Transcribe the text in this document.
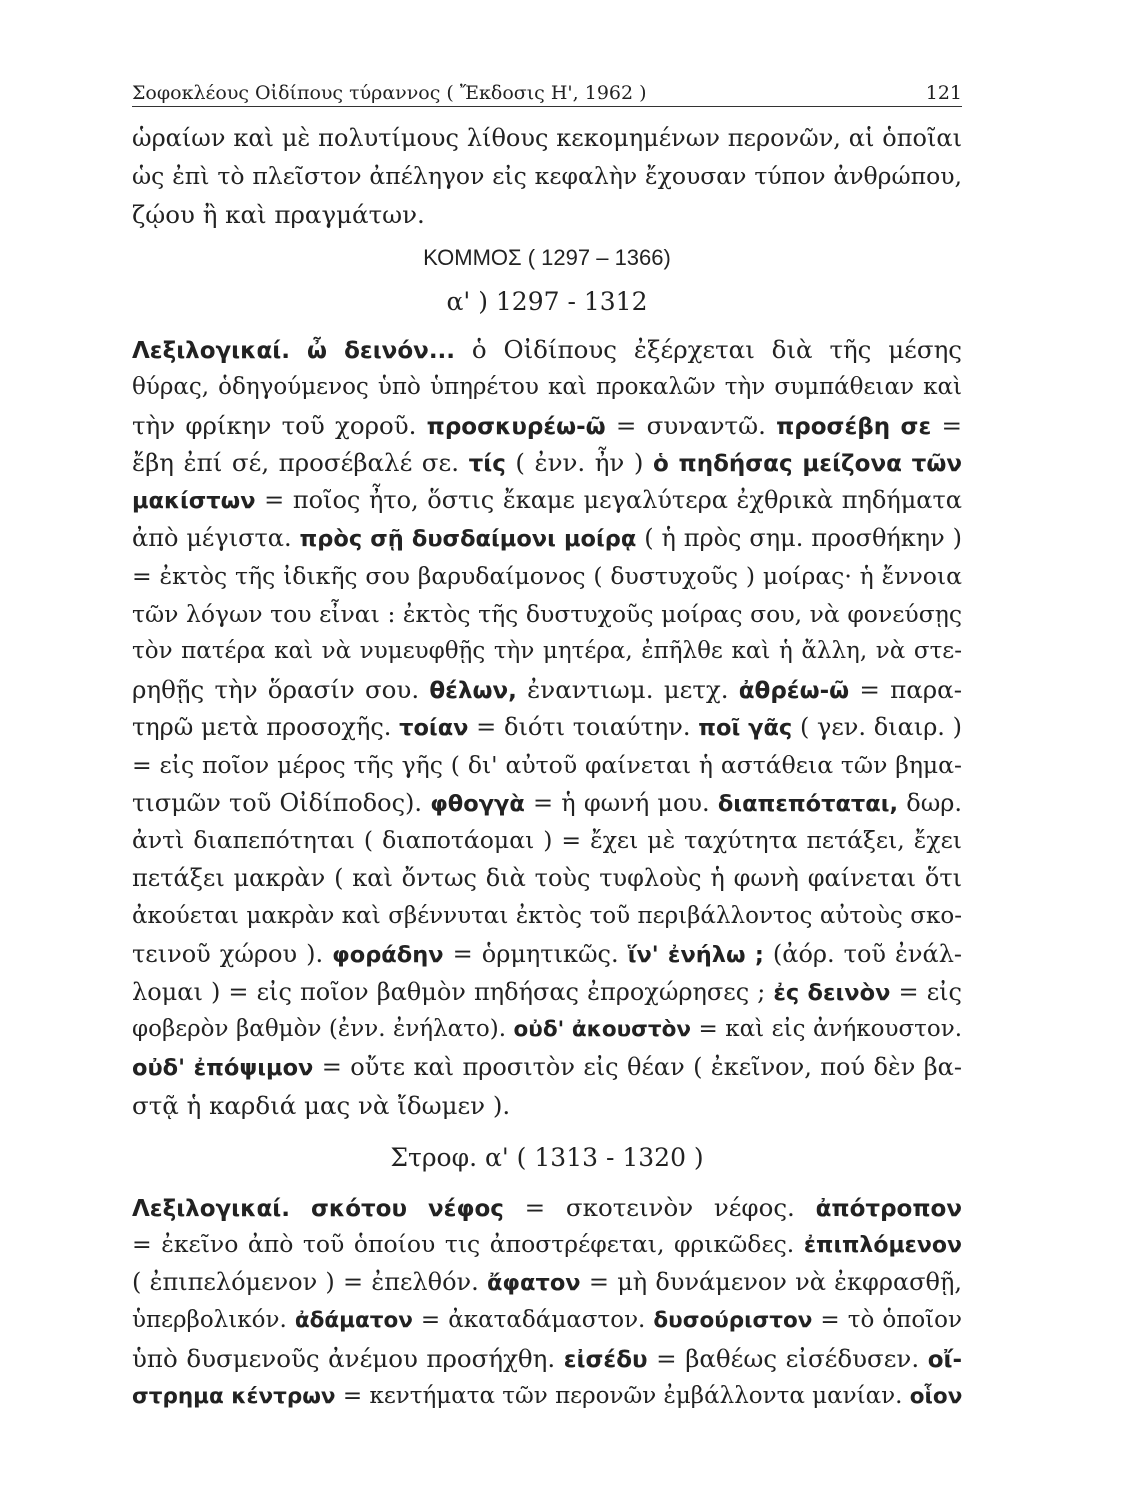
Σοφοκλέους Οἰδίπους τύραννος ( Ἔκδοσις Η', 1962 )	121
ὡραίων καὶ μὲ πολυτίμους λίθους κεκομημένων περονῶν, αἱ ὁποῖαι
ὡς ἐπὶ τὸ πλεῖστον ἀπέληγον εἰς κεφαλὴν ἔχουσαν τύπον ἀνθρώπου,
ζῴου ἢ καὶ πραγμάτων.
ΚΟΜΜΟΣ ( 1297 – 1366)
α' ) 1297 - 1312
Λεξιλογικαί. ὦ δεινόν... ὁ Οἰδίπους ἐξέρχεται διὰ τῆς μέσης
θύρας, ὁδηγούμενος ὑπὸ ὑπηρέτου καὶ προκαλῶν τὴν συμπάθειαν καὶ
τὴν φρίκην τοῦ χοροῦ. προσκυρέω-ῶ = συναντῶ. προσέβη σε =
ἔβη ἐπί σέ, προσέβαλέ σε. τίς ( ἐνν. ἦν ) ὁ πηδήσας μείζονα τῶν
μακίστων = ποῖος ἦτο, ὅστις ἔκαμε μεγαλύτερα ἐχθρικὰ πηδήματα
ἀπὸ μέγιστα. πρὸς σῇ δυσδαίμονι μοίρᾳ ( ἡ πρὸς σημ. προσθήκην )
= ἐκτὸς τῆς ἰδικῆς σου βαρυδαίμονος ( δυστυχοῦς ) μοίρας· ἡ ἔννοια
τῶν λόγων του εἶναι : ἐκτὸς τῆς δυστυχοῦς μοίρας σου, νὰ φονεύσῃς
τὸν πατέρα καὶ νὰ νυμευφθῇς τὴν μητέρα, ἐπῆλθε καὶ ἡ ἄλλη, νὰ στε-
ρηθῇς τὴν ὅρασίν σου. θέλων, ἐναντιωμ. μετχ. ἀθρέω-ῶ = παρα-
τηρῶ μετὰ προσοχῆς. τοίαν = διότι τοιαύτην. ποῖ γᾶς ( γεν. διαιρ. )
= εἰς ποῖον μέρος τῆς γῆς ( δι' αὐτοῦ φαίνεται ἡ αστάθεια τῶν βημα-
τισμῶν τοῦ Οἰδίποδος). φθογγὰ = ἡ φωνή μου. διαπεπόταται, δωρ.
ἀντὶ διαπεπότηται ( διαποτάομαι ) = ἔχει μὲ ταχύτητα πετάξει, ἔχει
πετάξει μακρὰν ( καὶ ὄντως διὰ τοὺς τυφλοὺς ἡ φωνὴ φαίνεται ὅτι
ἀκούεται μακρὰν καὶ σβέννυται ἐκτὸς τοῦ περιβάλλοντος αὐτοὺς σκο-
τεινοῦ χώρου ). φοράδην = ὁρμητικῶς. ἵν' ἐνήλω ; (ἀόρ. τοῦ ἐνάλ-
λομαι ) = εἰς ποῖον βαθμὸν πηδήσας ἐπροχώρησες ; ἐς δεινὸν = εἰς
φοβερὸν βαθμὸν (ἐνν. ἐνήλατο). οὐδ' ἀκουστὸν = καὶ εἰς ἀνήκουστον.
οὐδ' ἐπόψιμον = οὔτε καὶ προσιτὸν εἰς θέαν ( ἐκεῖνον, πού δὲν βα-
στᾷ ἡ καρδιά μας νὰ ἴδωμεν ).
Στροφ. α' ( 1313 - 1320 )
Λεξιλογικαί. σκότου νέφος = σκοτεινὸν νέφος. ἀπότροπον
= ἐκεῖνο ἀπὸ τοῦ ὁποίου τις ἀποστρέφεται, φρικῶδες. ἐπιπλόμενον
( ἐπιπελόμενον ) = ἐπελθόν. ἄφατον = μὴ δυνάμενον νὰ ἐκφρασθῇ,
ὑπερβολικόν. ἀδάματον = ἀκαταδάμαστον. δυσούριστον = τὸ ὁποῖον
ὑπὸ δυσμενοῦς ἀνέμου προσήχθη. εἰσέδυ = βαθέως εἰσέδυσεν. οἴ-
στρημα κέντρων = κεντήματα τῶν περονῶν ἐμβάλλοντα μανίαν. οἷον
